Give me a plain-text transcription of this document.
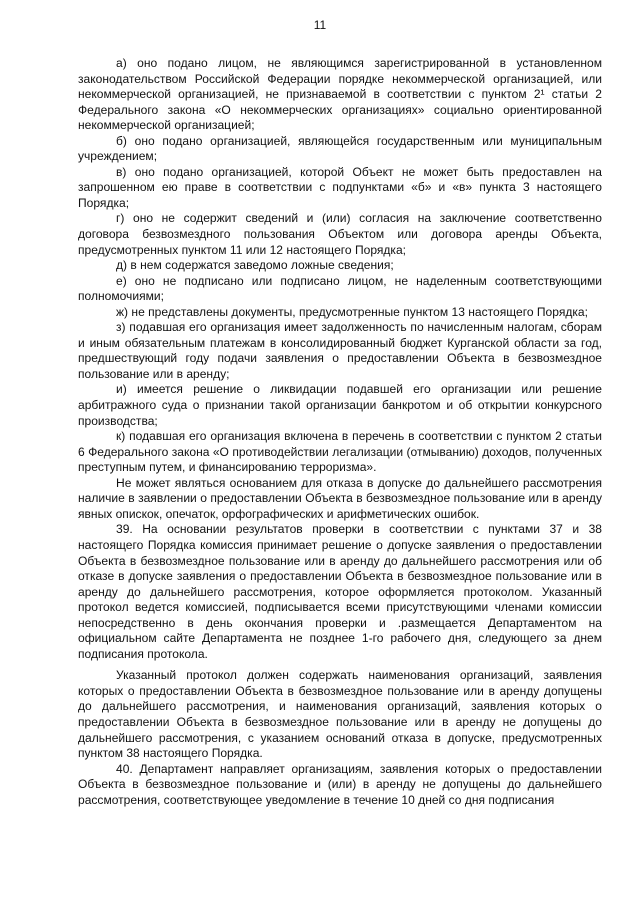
11

а) оно подано лицом, не являющимся зарегистрированной в установленном законодательством Российской Федерации порядке некоммерческой организацией, или некоммерческой организацией, не признаваемой в соответствии с пунктом 2¹ статьи 2 Федерального закона «О некоммерческих организациях» социально ориентированной некоммерческой организацией;

б) оно подано организацией, являющейся государственным или муниципальным учреждением;

в) оно подано организацией, которой Объект не может быть предоставлен на запрошенном ею праве в соответствии с подпунктами «б» и «в» пункта 3 настоящего Порядка;

г) оно не содержит сведений и (или) согласия на заключение соответственно договора безвозмездного пользования Объектом или договора аренды Объекта, предусмотренных пунктом 11 или 12 настоящего Порядка;

д) в нем содержатся заведомо ложные сведения;

е) оно не подписано или подписано лицом, не наделенным соответствующими полномочиями;

ж) не представлены документы, предусмотренные пунктом 13 настоящего Порядка;

з) подавшая его организация имеет задолженность по начисленным налогам, сборам и иным обязательным платежам в консолидированный бюджет Курганской области за год, предшествующий году подачи заявления о предоставлении Объекта в безвозмездное пользование или в аренду;

и) имеется решение о ликвидации подавшей его организации или решение арбитражного суда о признании такой организации банкротом и об открытии конкурсного производства;

к) подавшая его организация включена в перечень в соответствии с пунктом 2 статьи 6 Федерального закона «О противодействии легализации (отмыванию) доходов, полученных преступным путем, и финансированию терроризма».

Не может являться основанием для отказа в допуске до дальнейшего рассмотрения наличие в заявлении о предоставлении Объекта в безвозмездное пользование или в аренду явных опискок, опечаток, орфографических и арифметических ошибок.

39. На основании результатов проверки в соответствии с пунктами 37 и 38 настоящего Порядка комиссия принимает решение о допуске заявления о предоставлении Объекта в безвозмездное пользование или в аренду до дальнейшего рассмотрения или об отказе в допуске заявления о предоставлении Объекта в безвозмездное пользование или в аренду до дальнейшего рассмотрения, которое оформляется протоколом. Указанный протокол ведется комиссией, подписывается всеми присутствующими членами комиссии непосредственно в день окончания проверки и .размещается Департаментом на официальном сайте Департамента не позднее 1-го рабочего дня, следующего за днем подписания протокола.

Указанный протокол должен содержать наименования организаций, заявления которых о предоставлении Объекта в безвозмездное пользование или в аренду допущены до дальнейшего рассмотрения, и наименования организаций, заявления которых о предоставлении Объекта в безвозмездное пользование или в аренду не допущены до дальнейшего рассмотрения, с указанием оснований отказа в допуске, предусмотренных пунктом 38 настоящего Порядка.

40. Департамент направляет организациям, заявления которых о предоставлении Объекта в безвозмездное пользование и (или) в аренду не допущены до дальнейшего рассмотрения, соответствующее уведомление в течение 10 дней со дня подписания
